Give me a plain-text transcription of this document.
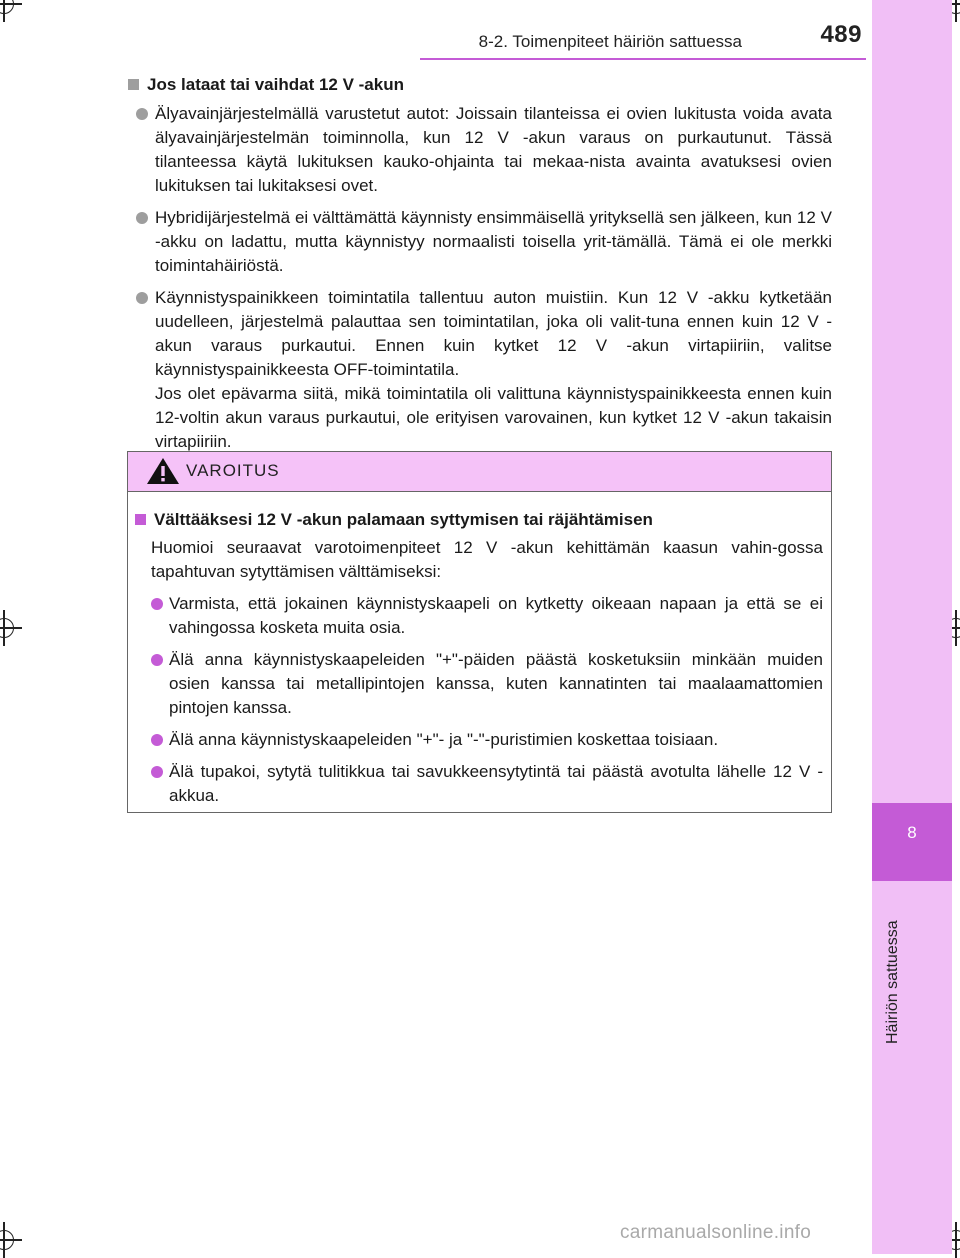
8
Häiriön sattuessa
8-2. Toimenpiteet häiriön sattuessa	489
Jos lataat tai vaihdat 12 V -akun

Älyavainjärjestelmällä varustetut autot: Joissain tilanteissa ei ovien lukitusta voida avata älyavainjärjestelmän toiminnolla, kun 12 V -akun varaus on purkautunut. Tässä tilanteessa käytä lukituksen kauko-ohjainta tai mekaa-nista avainta avatuksesi ovien lukituksen tai lukitaksesi ovet.

Hybridijärjestelmä ei välttämättä käynnisty ensimmäisellä yrityksellä sen jälkeen, kun 12 V -akku on ladattu, mutta käynnistyy normaalisti toisella yrit-tämällä. Tämä ei ole merkki toimintahäiriöstä.

Käynnistyspainikkeen toimintatila tallentuu auton muistiin. Kun 12 V -akku kytketään uudelleen, järjestelmä palauttaa sen toimintatilan, joka oli valit-tuna ennen kuin 12 V -akun varaus purkautui. Ennen kuin kytket 12 V -akun virtapiiriin, valitse käynnistyspainikkeesta OFF-toimintatila.

Jos olet epävarma siitä, mikä toimintatila oli valittuna käynnistyspainikkeesta ennen kuin 12-voltin akun varaus purkautui, ole erityisen varovainen, kun kytket 12 V -akun takaisin virtapiiriin.

VAROITUS
Välttääksesi 12 V -akun palamaan syttymisen tai räjähtämisen
Huomioi seuraavat varotoimenpiteet 12 V -akun kehittämän kaasun vahin-gossa tapahtuvan sytyttämisen välttämiseksi:
Varmista, että jokainen käynnistyskaapeli on kytketty oikeaan napaan ja että se ei vahingossa kosketa muita osia.
Älä anna käynnistyskaapeleiden "+"-päiden päästä kosketuksiin minkään muiden osien kanssa tai metallipintojen kanssa, kuten kannatinten tai maalaamattomien pintojen kanssa.
Älä anna käynnistyskaapeleiden "+"- ja "-"-puristimien koskettaa toisiaan.
Älä tupakoi, sytytä tulitikkua tai savukkeensytytintä tai päästä avotulta lähelle 12 V -akkua.
carmanualsonline.info
